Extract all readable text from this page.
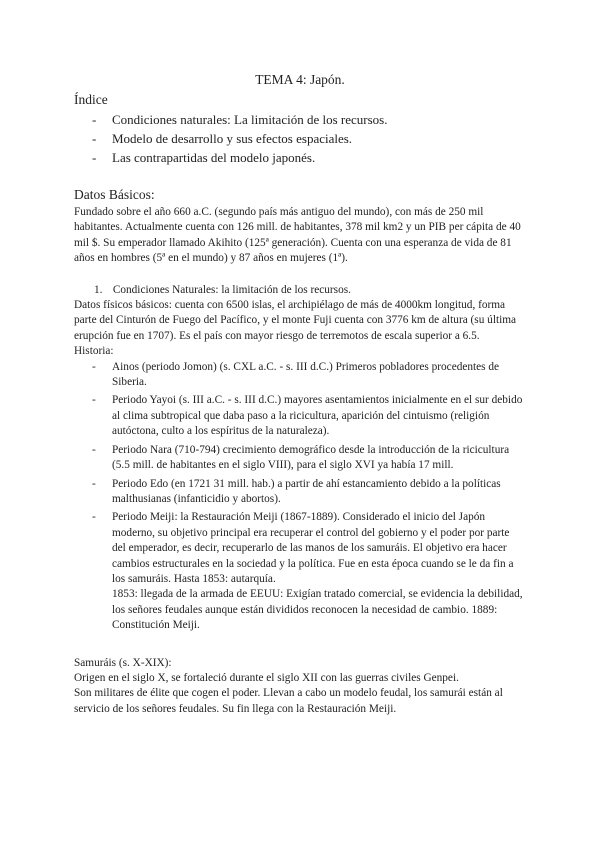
TEMA 4: Japón.
Índice
- Condiciones naturales: La limitación de los recursos.
- Modelo de desarrollo y sus efectos espaciales.
- Las contrapartidas del modelo japonés.
Datos Básicos:

Fundado sobre el año 660 a.C. (segundo país más antiguo del mundo), con más de 250 mil habitantes. Actualmente cuenta con 126 mill. de habitantes, 378 mil km2 y un PIB per cápita de 40 mil $. Su emperador llamado Akihito (125ª generación). Cuenta con una esperanza de vida de 81 años en hombres (5ª en el mundo) y 87 años en mujeres (1ª).

1. Condiciones Naturales: la limitación de los recursos.

Datos físicos básicos: cuenta con 6500 islas, el archipiélago de más de 4000km longitud, forma parte del Cinturón de Fuego del Pacífico, y el monte Fuji cuenta con 3776 km de altura (su última erupción fue en 1707). Es el país con mayor riesgo de terremotos de escala superior a 6.5.

Historia:

- Ainos (periodo Jomon) (s. CXL a.C. - s. III d.C.) Primeros pobladores procedentes de Siberia.
- Periodo Yayoi (s. III a.C. - s. III d.C.) mayores asentamientos inicialmente en el sur debido al clima subtropical que daba paso a la ricicultura, aparición del cintuismo (religión autóctona, culto a los espíritus de la naturaleza).
- Periodo Nara (710-794) crecimiento demográfico desde la introducción de la ricicultura (5.5 mill. de habitantes en el siglo VIII), para el siglo XVI ya había 17 mill.
- Periodo Edo (en 1721 31 mill. hab.) a partir de ahí estancamiento debido a la políticas malthusianas (infanticidio y abortos).
- Periodo Meiji: la Restauración Meiji (1867-1889). Considerado el inicio del Japón moderno, su objetivo principal era recuperar el control del gobierno y el poder por parte del emperador, es decir, recuperarlo de las manos de los samuráis. El objetivo era hacer cambios estructurales en la sociedad y la política. Fue en esta época cuando se le da fin a los samuráis. Hasta 1853: autarquía.
1853: llegada de la armada de EEUU: Exigían tratado comercial, se evidencia la debilidad, los señores feudales aunque están divididos reconocen la necesidad de cambio. 1889: Constitución Meiji.

Samuráis (s. X-XIX):

Origen en el siglo X, se fortaleció durante el siglo XII con las guerras civiles Genpei.

Son militares de élite que cogen el poder. Llevan a cabo un modelo feudal, los samurái están al servicio de los señores feudales. Su fin llega con la Restauración Meiji.
